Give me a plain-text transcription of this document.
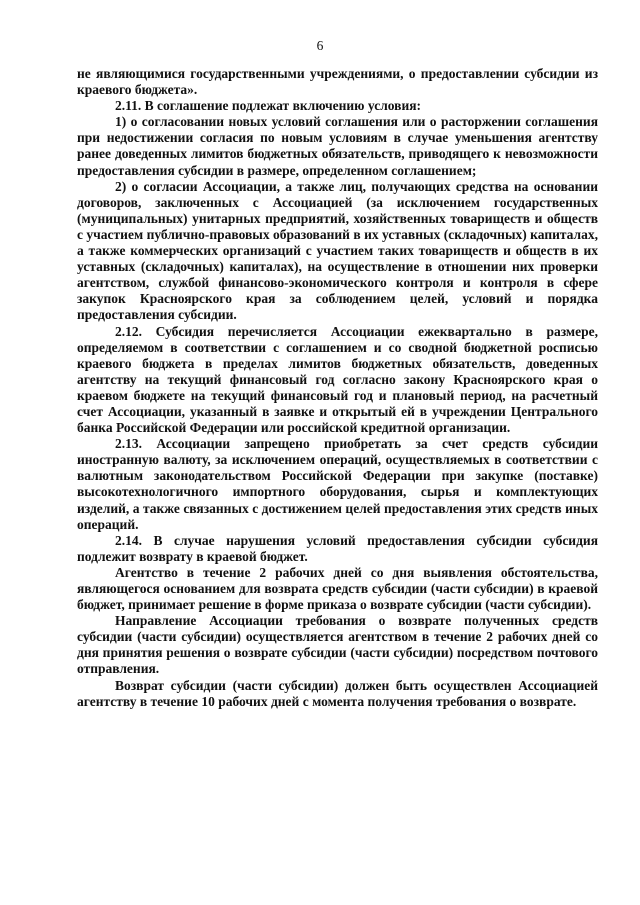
6

не являющимися государственными учреждениями, о предоставлении субсидии из краевого бюджета».

2.11. В соглашение подлежат включению условия:

1) о согласовании новых условий соглашения или о расторжении соглашения при недостижении согласия по новым условиям в случае уменьшения агентству ранее доведенных лимитов бюджетных обязательств, приводящего к невозможности предоставления субсидии в размере, определенном соглашением;

2) о согласии Ассоциации, а также лиц, получающих средства на основании договоров, заключенных с Ассоциацией (за исключением государственных (муниципальных) унитарных предприятий, хозяйственных товариществ и обществ с участием публично-правовых образований в их уставных (складочных) капиталах, а также коммерческих организаций с участием таких товариществ и обществ в их уставных (складочных) капиталах), на осуществление в отношении них проверки агентством, службой финансово-экономического контроля и контроля в сфере закупок Красноярского края за соблюдением целей, условий и порядка предоставления субсидии.

2.12. Субсидия перечисляется Ассоциации ежеквартально в размере, определяемом в соответствии с соглашением и со сводной бюджетной росписью краевого бюджета в пределах лимитов бюджетных обязательств, доведенных агентству на текущий финансовый год согласно закону Красноярского края о краевом бюджете на текущий финансовый год и плановый период, на расчетный счет Ассоциации, указанный в заявке и открытый ей в учреждении Центрального банка Российской Федерации или российской кредитной организации.

2.13. Ассоциации запрещено приобретать за счет средств субсидии иностранную валюту, за исключением операций, осуществляемых в соответствии с валютным законодательством Российской Федерации при закупке (поставке) высокотехнологичного импортного оборудования, сырья и комплектующих изделий, а также связанных с достижением целей предоставления этих средств иных операций.

2.14. В случае нарушения условий предоставления субсидии субсидия подлежит возврату в краевой бюджет.

Агентство в течение 2 рабочих дней со дня выявления обстоятельства, являющегося основанием для возврата средств субсидии (части субсидии) в краевой бюджет, принимает решение в форме приказа о возврате субсидии (части субсидии).

Направление Ассоциации требования о возврате полученных средств субсидии (части субсидии) осуществляется агентством в течение 2 рабочих дней со дня принятия решения о возврате субсидии (части субсидии) посредством почтового отправления.

Возврат субсидии (части субсидии) должен быть осуществлен Ассоциацией агентству в течение 10 рабочих дней с момента получения требования о возврате.
